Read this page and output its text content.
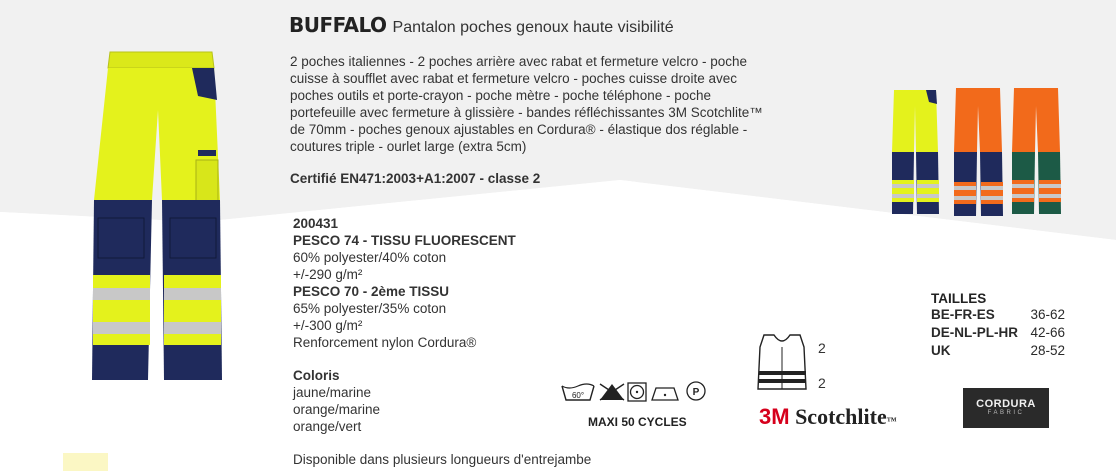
BUFFALO Pantalon poches genoux haute visibilité
2 poches italiennes - 2 poches arrière avec rabat et fermeture velcro - poche cuisse à soufflet avec rabat et fermeture velcro - poches cuisse droite avec poches outils et porte-crayon - poche mètre - poche téléphone - poche portefeuille avec fermeture à glissière - bandes réfléchissantes 3M Scotchlite™ de 70mm - poches genoux ajustables en Cordura® - élastique dos réglable - coutures triple - ourlet large (extra 5cm)
Certifié EN471:2003+A1:2007 - classe 2
200431
PESCO 74 - TISSU FLUORESCENT
60% polyester/40% coton
+/-290 g/m²
PESCO 70 - 2ème TISSU
65% polyester/35% coton
+/-300 g/m²
Renforcement nylon Cordura®
Coloris
jaune/marine
orange/marine
orange/vert
Disponible dans plusieurs longueurs d'entrejambe
60°	P
MAXI 50 CYCLES
2
2
3M Scotchlite™
CORDURA
FABRIC
TAILLES
BE-FR-ES	36-62
DE-NL-PL-HR 42-66
UK	28-52
